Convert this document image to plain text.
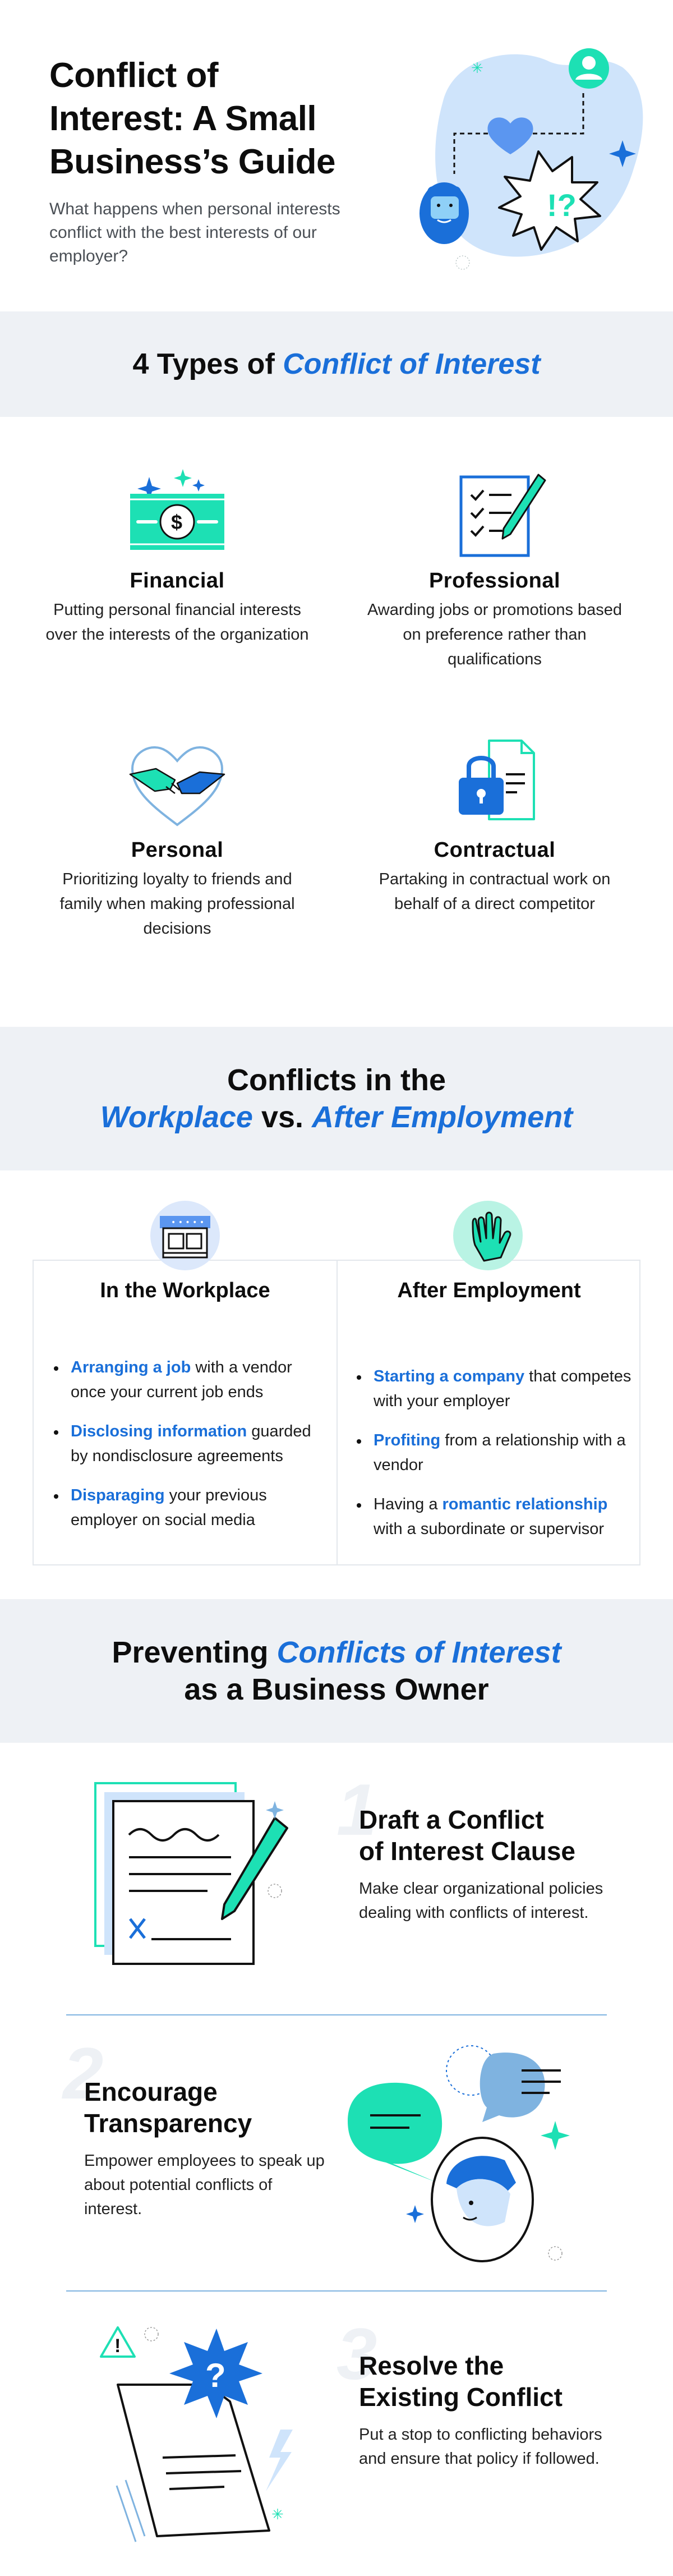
Conflict of
Interest: A Small
Business’s Guide

What happens when personal interests conflict with the best interests of our employer?

✳
!?
4 Types of Conflict of Interest
$
Financial
Putting personal financial interests over the interests of the organization
Professional
Awarding jobs or promotions based on preference rather than qualifications
Personal
Prioritizing loyalty to friends and family when making professional decisions
Contractual
Partaking in contractual work on behalf of a direct competitor
Conflicts in the
Workplace vs. After Employment
• • • • •
In the Workplace	After Employment
Arranging a job with a vendor once your current job ends
Disclosing information guarded by nondisclosure agreements
Disparaging your previous employer on social media
Starting a company that competes with your employer
Profiting from a relationship with a vendor
Having a romantic relationship with a subordinate or supervisor
Preventing Conflicts of Interest
as a Business Owner
1
Draft a Conflict
of Interest Clause
Make clear organizational policies dealing with conflicts of interest.
2
Encourage
Transparency
Empower employees to speak up about potential conflicts of interest.
!
?
✳
3
Resolve the
Existing Conflict
Put a stop to conflicting behaviors and ensure that policy if followed.
